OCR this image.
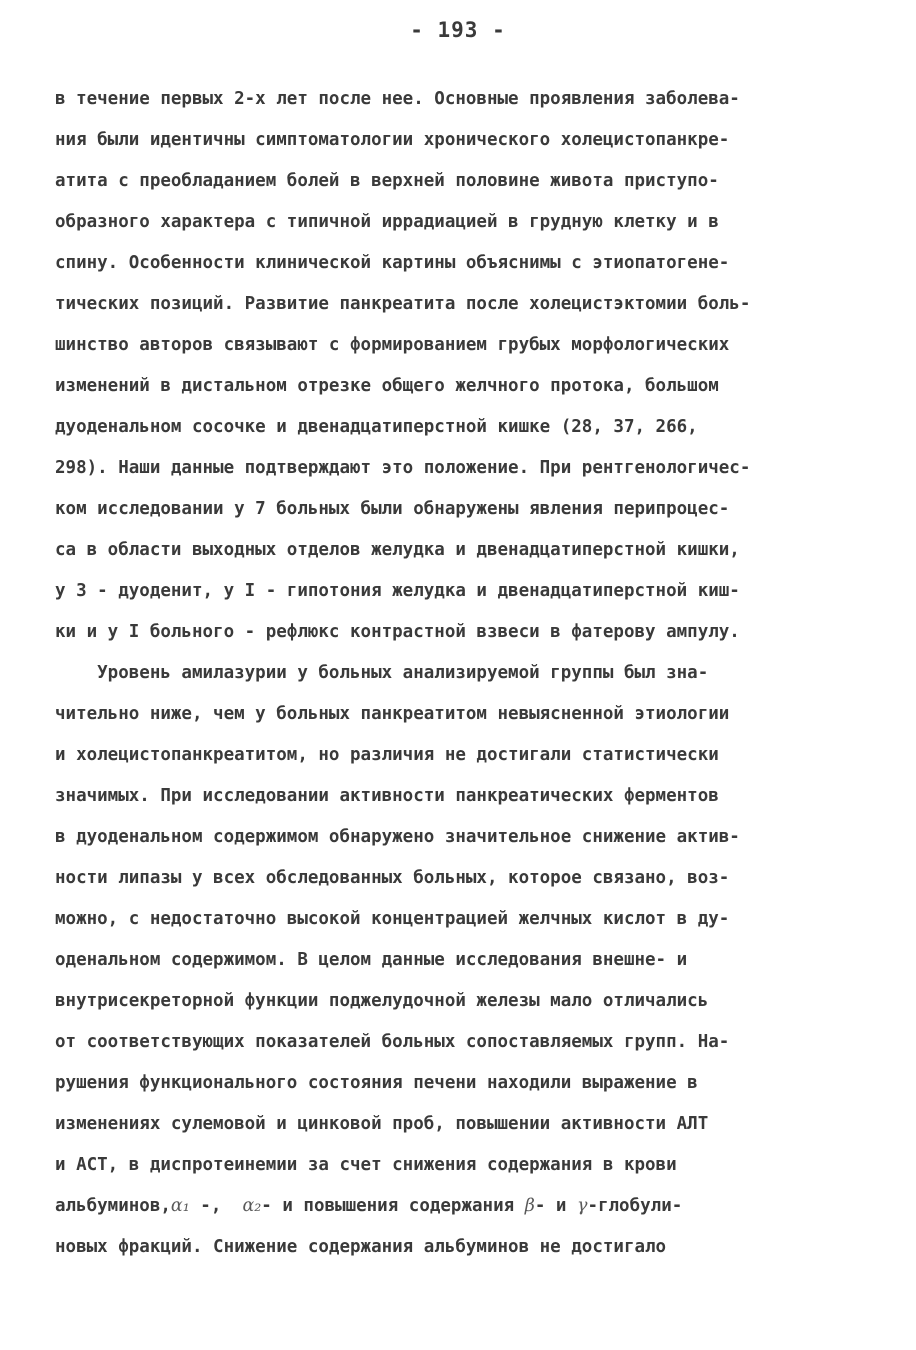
- 193 -
в течение первых 2-х лет после нее. Основные проявления заболева-
ния были идентичны симптоматологии хронического холецистопанкре-
атита с преобладанием болей в верхней половине живота приступо-
образного характера с типичной иррадиацией в грудную клетку и в
спину. Особенности клинической картины объяснимы с этиопатогене-
тических позиций. Развитие панкреатита после холецистэктомии боль-
шинство авторов связывают с формированием грубых морфологических
изменений в дистальном отрезке общего желчного протока, большом
дуоденальном сосочке и двенадцатиперстной кишке (28, 37, 266,
298). Наши данные подтверждают это положение. При рентгенологичес-
ком исследовании у 7 больных были обнаружены явления перипроцес-
са в области выходных отделов желудка и двенадцатиперстной кишки,
у 3 - дуоденит, у I - гипотония желудка и двенадцатиперстной киш-
ки и у I больного - рефлюкс контрастной взвеси в фатерову ампулу.
Уровень амилазурии у больных анализируемой группы был зна-
чительно ниже, чем у больных панкреатитом невыясненной этиологии
и холецистопанкреатитом, но различия не достигали статистически
значимых. При исследовании активности панкреатических ферментов
в дуоденальном содержимом обнаружено значительное снижение актив-
ности липазы у всех обследованных больных, которое связано, воз-
можно, с недостаточно высокой концентрацией желчных кислот в ду-
оденальном содержимом. В целом данные исследования внешне- и
внутрисекреторной функции поджелудочной железы мало отличались
от соответствующих показателей больных сопоставляемых групп. На-
рушения функционального состояния печени находили выражение в
изменениях сулемовой и цинковой проб, повышении активности АЛТ
и АСТ, в диспротеинемии за счет снижения содержания в крови
альбуминов,α₁ -,  α₂- и повышения содержания β- и γ-глобули-
новых фракций. Снижение содержания альбуминов не достигало
